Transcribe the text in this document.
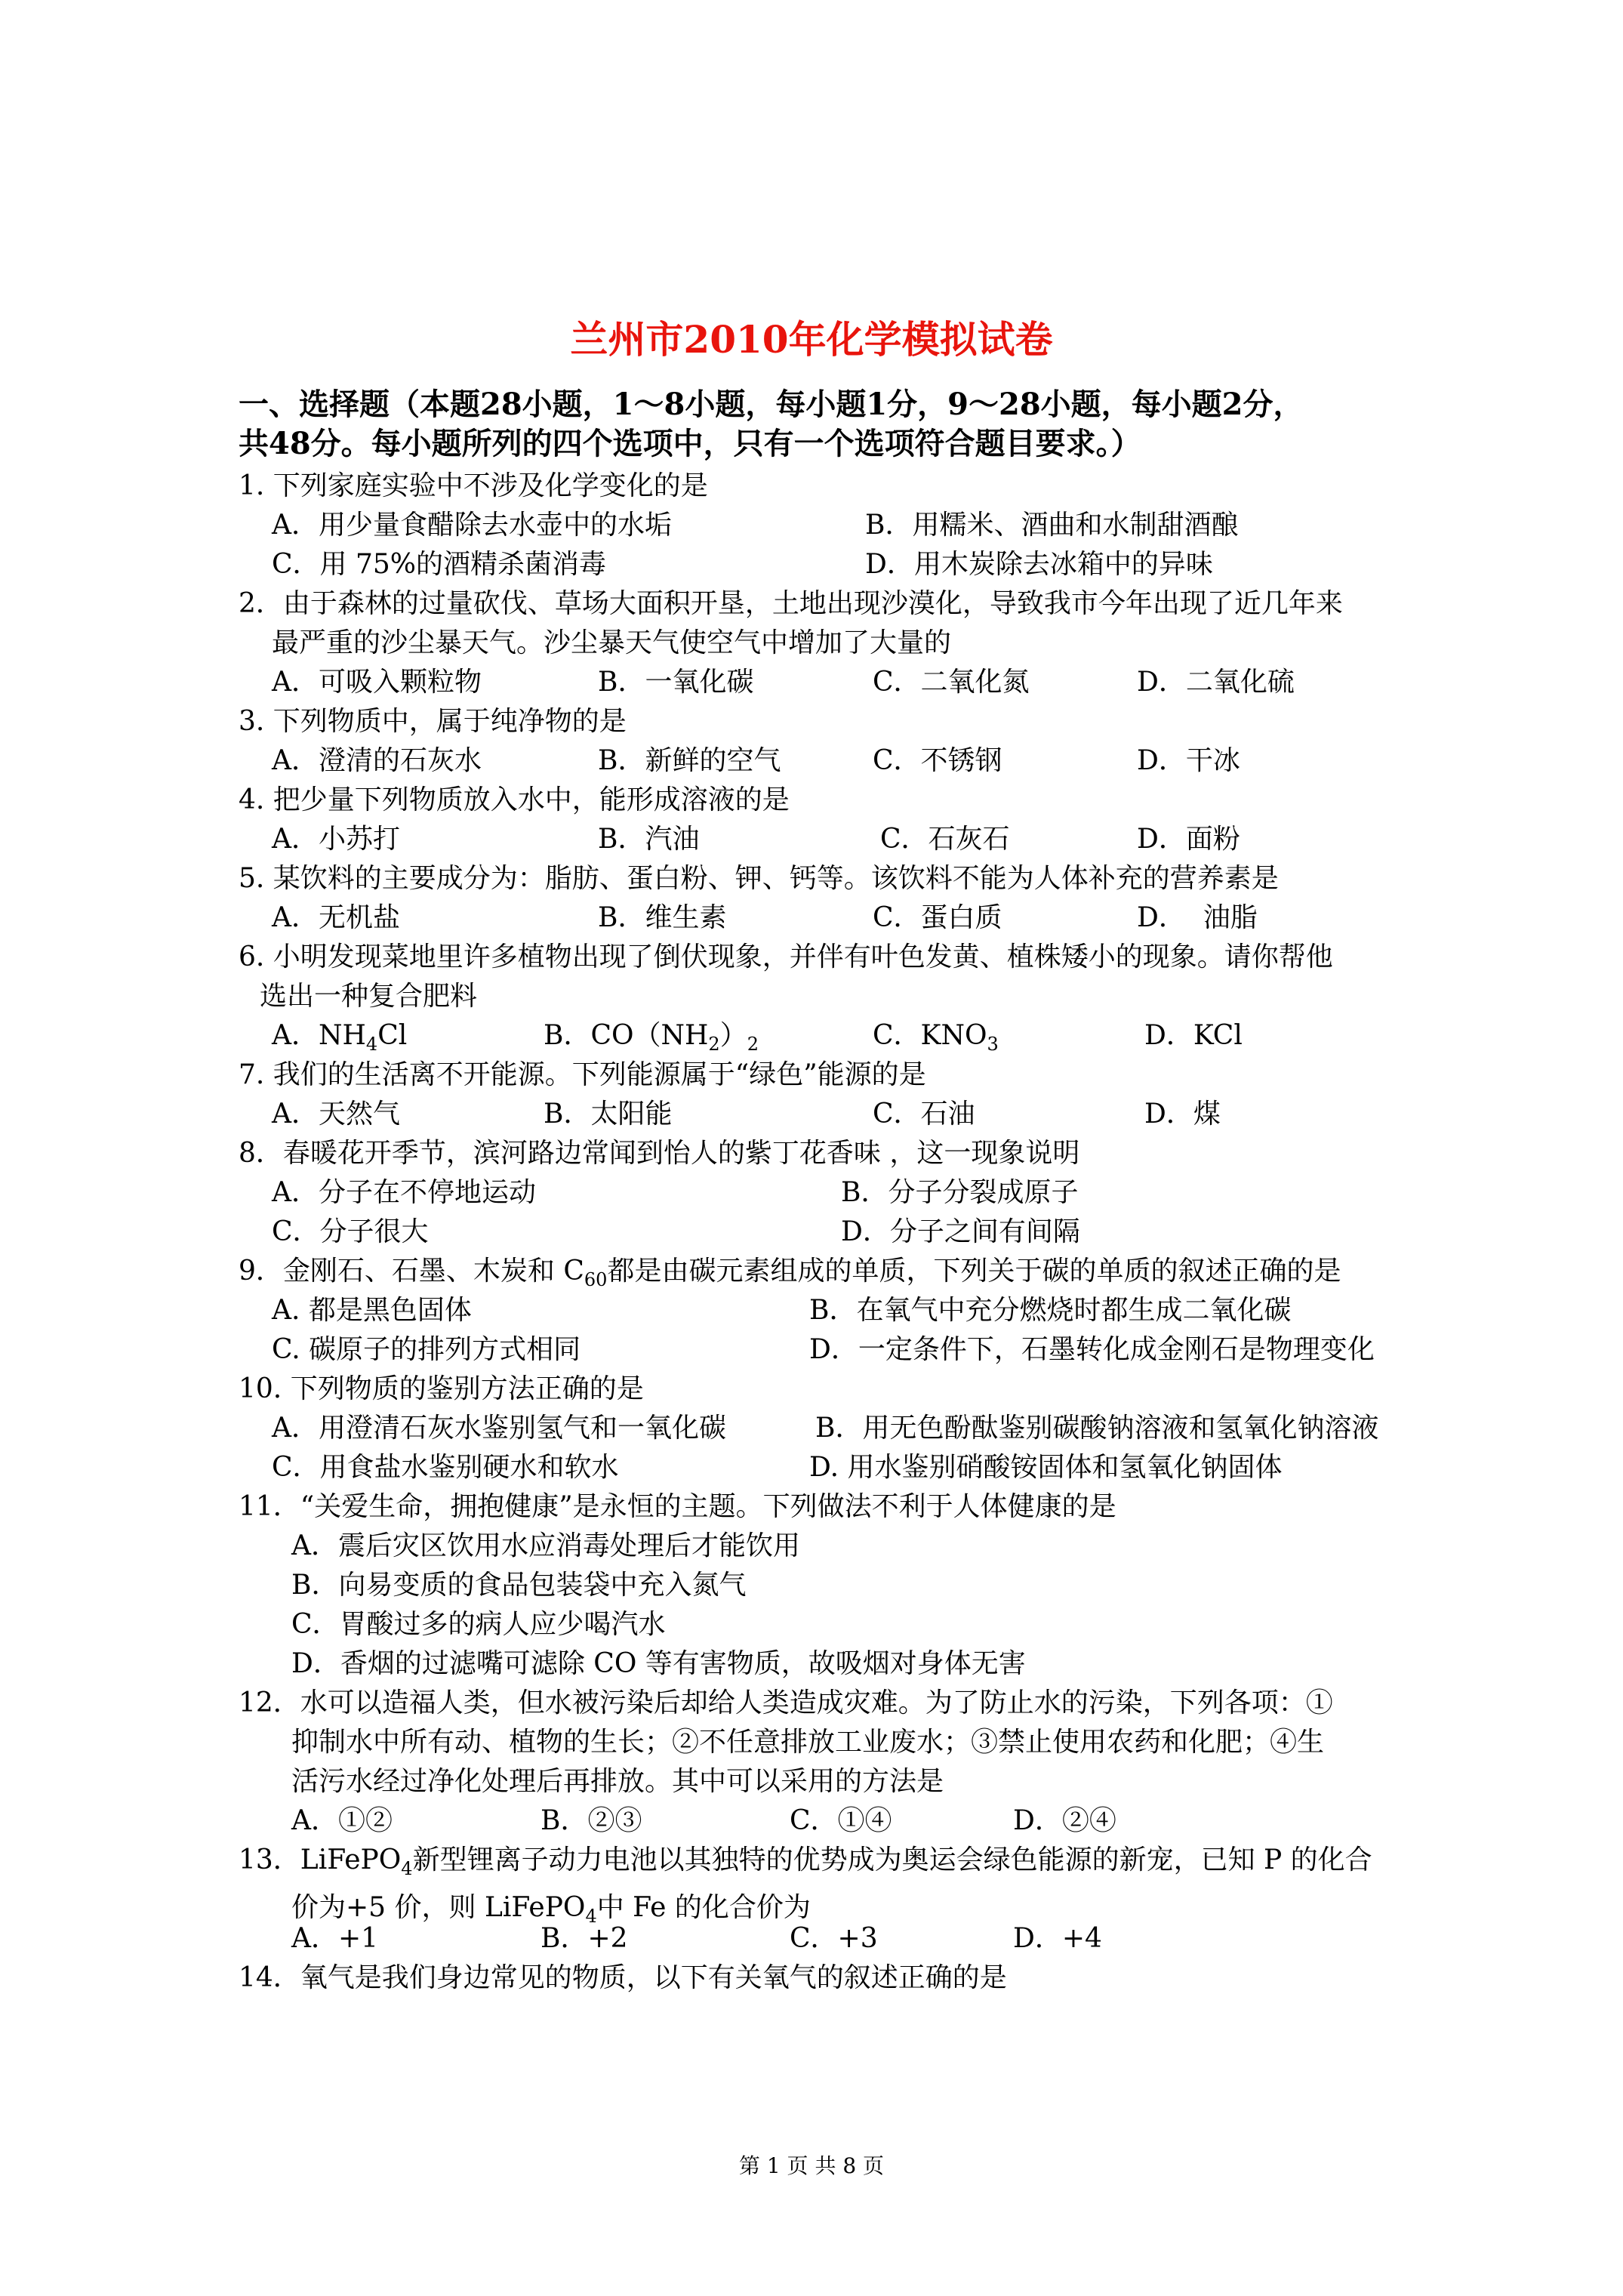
兰州市2010年化学模拟试卷
一、选择题（本题28小题，1～8小题，每小题1分，9～28小题，每小题2分，
共48分。每小题所列的四个选项中，只有一个选项符合题目要求。）
1. 下列家庭实验中不涉及化学变化的是
A．用少量食醋除去水壶中的水垢	B．用糯米、酒曲和水制甜酒酿
C．用 75%的酒精杀菌消毒	D．用木炭除去冰箱中的异味
2．由于森林的过量砍伐、草场大面积开垦，土地出现沙漠化，导致我市今年出现了近几年来
最严重的沙尘暴天气。沙尘暴天气使空气中增加了大量的
A．可吸入颗粒物	B．一氧化碳	C．二氧化氮	D．二氧化硫
3. 下列物质中，属于纯净物的是
A．澄清的石灰水	B．新鲜的空气	C．不锈钢	D．干冰
4. 把少量下列物质放入水中，能形成溶液的是
A．小苏打	B．汽油	C．石灰石	D．面粉
5. 某饮料的主要成分为：脂肪、蛋白粉、钾、钙等。该饮料不能为人体补充的营养素是
A．无机盐	B．维生素	C．蛋白质	D．  油脂
6. 小明发现菜地里许多植物出现了倒伏现象，并伴有叶色发黄、植株矮小的现象。请你帮他
选出一种复合肥料
A．$NH_4Cl$	B．$CO(NH_2)_2$	C．$KNO_3$	D．KCl
7. 我们的生活离不开能源。下列能源属于“绿色”能源的是
A．天然气	B．太阳能	C．石油	D．煤
8．春暖花开季节，滨河路边常闻到怡人的紫丁花香味 ，这一现象说明
A．分子在不停地运动	B．分子分裂成原子
C．分子很大	D．分子之间有间隔
9．金刚石、石墨、木炭和 $C_{60}$都是由碳元素组成的单质，下列关于碳的单质的叙述正确的是
A. 都是黑色固体	B．在氧气中充分燃烧时都生成二氧化碳
C. 碳原子的排列方式相同	D．一定条件下，石墨转化成金刚石是物理变化
10. 下列物质的鉴别方法正确的是
A．用澄清石灰水鉴别氢气和一氧化碳	B．用无色酚酞鉴别碳酸钠溶液和氢氧化钠溶液
C．用食盐水鉴别硬水和软水	D. 用水鉴别硝酸铵固体和氢氧化钠固体
11．“关爱生命，拥抱健康”是永恒的主题。下列做法不利于人体健康的是
A．震后灾区饮用水应消毒处理后才能饮用
B．向易变质的食品包装袋中充入氮气
C．胃酸过多的病人应少喝汽水
D．香烟的过滤嘴可滤除 CO 等有害物质，故吸烟对身体无害
12．水可以造福人类，但水被污染后却给人类造成灾难。为了防止水的污染，下列各项：①
抑制水中所有动、植物的生长；②不任意排放工业废水；③禁止使用农药和化肥；④生
活污水经过净化处理后再排放。其中可以采用的方法是
A．①②	B．②③	C．①④	D．②④
13．LiFePO$_4$新型锂离子动力电池以其独特的优势成为奥运会绿色能源的新宠，已知 P 的化合
价为+5 价，则 LiFePO$_4$中 Fe 的化合价为
A．+1	B．+2	C．+3	D．+4
14．氧气是我们身边常见的物质，以下有关氧气的叙述正确的是
第 1 页 共 8 页
